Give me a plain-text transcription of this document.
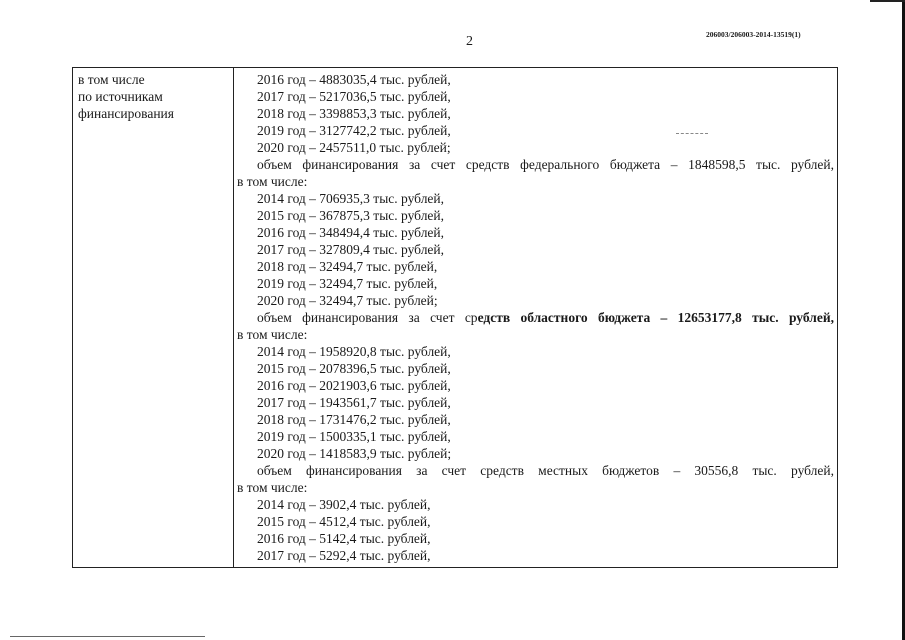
2	206003/206003-2014-13519(1)
в том числе
по источникам
финансирования
2016 год – 4883035,4 тыс. рублей,
2017 год – 5217036,5 тыс. рублей,
2018 год – 3398853,3 тыс. рублей,
2019 год – 3127742,2 тыс. рублей,
2020 год – 2457511,0 тыс. рублей;
объем финансирования за счет средств федерального бюджета – 1848598,5 тыс. рублей,
в том числе:
2014 год – 706935,3 тыс. рублей,
2015 год – 367875,3 тыс. рублей,
2016 год – 348494,4 тыс. рублей,
2017 год – 327809,4 тыс. рублей,
2018 год – 32494,7 тыс. рублей,
2019 год – 32494,7 тыс. рублей,
2020 год – 32494,7 тыс. рублей;
объем финансирования за счет средств областного бюджета – 12653177,8 тыс. рублей,
в том числе:
2014 год – 1958920,8 тыс. рублей,
2015 год – 2078396,5 тыс. рублей,
2016 год – 2021903,6 тыс. рублей,
2017 год – 1943561,7 тыс. рублей,
2018 год – 1731476,2 тыс. рублей,
2019 год – 1500335,1 тыс. рублей,
2020 год – 1418583,9 тыс. рублей;
объем финансирования за счет средств местных бюджетов – 30556,8 тыс. рублей,
в том числе:
2014 год – 3902,4 тыс. рублей,
2015 год – 4512,4 тыс. рублей,
2016 год – 5142,4 тыс. рублей,
2017 год – 5292,4 тыс. рублей,
